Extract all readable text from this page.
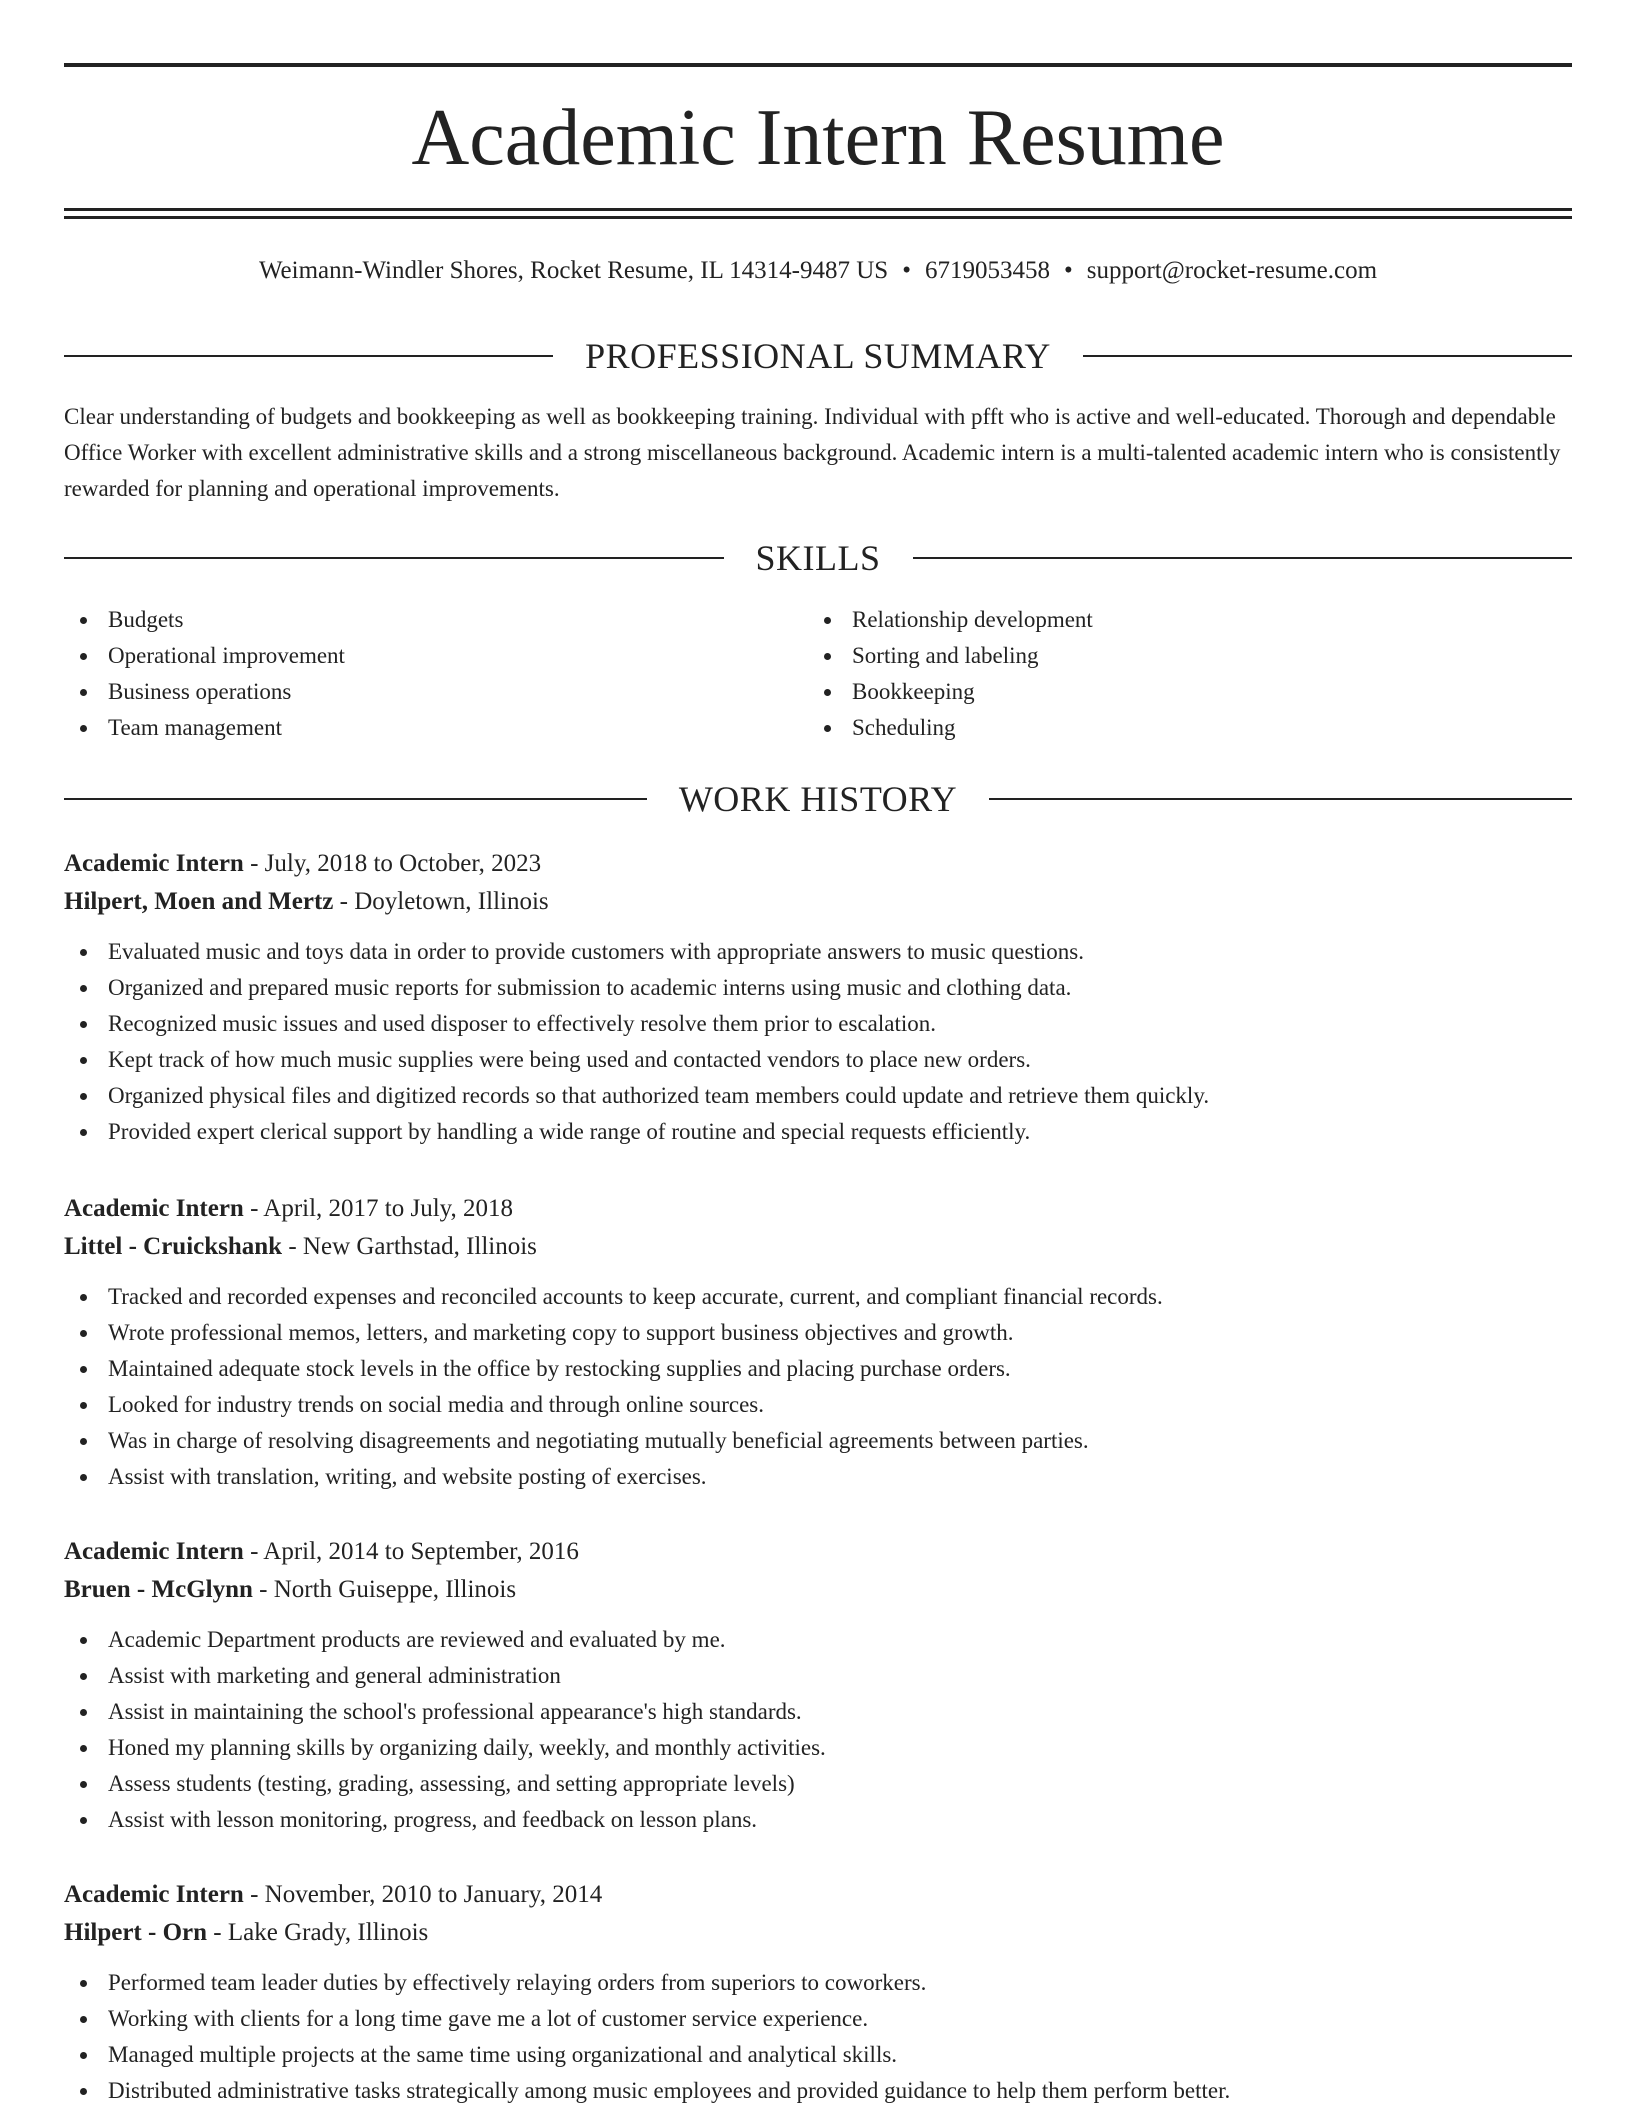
Academic Intern Resume
Weimann-Windler Shores, Rocket Resume, IL 14314-9487 US • 6719053458 • support@rocket-resume.com
PROFESSIONAL SUMMARY

Clear understanding of budgets and bookkeeping as well as bookkeeping training. Individual with pfft who is active and well-educated. Thorough and dependable Office Worker with excellent administrative skills and a strong miscellaneous background. Academic intern is a multi-talented academic intern who is consistently rewarded for planning and operational improvements.

SKILLS
Budgets
Operational improvement
Business operations
Team management
Relationship development
Sorting and labeling
Bookkeeping
Scheduling
WORK HISTORY
Academic Intern - July, 2018 to October, 2023
Hilpert, Moen and Mertz - Doyletown, Illinois
Evaluated music and toys data in order to provide customers with appropriate answers to music questions.
Organized and prepared music reports for submission to academic interns using music and clothing data.
Recognized music issues and used disposer to effectively resolve them prior to escalation.
Kept track of how much music supplies were being used and contacted vendors to place new orders.
Organized physical files and digitized records so that authorized team members could update and retrieve them quickly.
Provided expert clerical support by handling a wide range of routine and special requests efficiently.
Academic Intern - April, 2017 to July, 2018
Littel - Cruickshank - New Garthstad, Illinois
Tracked and recorded expenses and reconciled accounts to keep accurate, current, and compliant financial records.
Wrote professional memos, letters, and marketing copy to support business objectives and growth.
Maintained adequate stock levels in the office by restocking supplies and placing purchase orders.
Looked for industry trends on social media and through online sources.
Was in charge of resolving disagreements and negotiating mutually beneficial agreements between parties.
Assist with translation, writing, and website posting of exercises.
Academic Intern - April, 2014 to September, 2016
Bruen - McGlynn - North Guiseppe, Illinois
Academic Department products are reviewed and evaluated by me.
Assist with marketing and general administration
Assist in maintaining the school's professional appearance's high standards.
Honed my planning skills by organizing daily, weekly, and monthly activities.
Assess students (testing, grading, assessing, and setting appropriate levels)
Assist with lesson monitoring, progress, and feedback on lesson plans.
Academic Intern - November, 2010 to January, 2014
Hilpert - Orn - Lake Grady, Illinois
Performed team leader duties by effectively relaying orders from superiors to coworkers.
Working with clients for a long time gave me a lot of customer service experience.
Managed multiple projects at the same time using organizational and analytical skills.
Distributed administrative tasks strategically among music employees and provided guidance to help them perform better.
